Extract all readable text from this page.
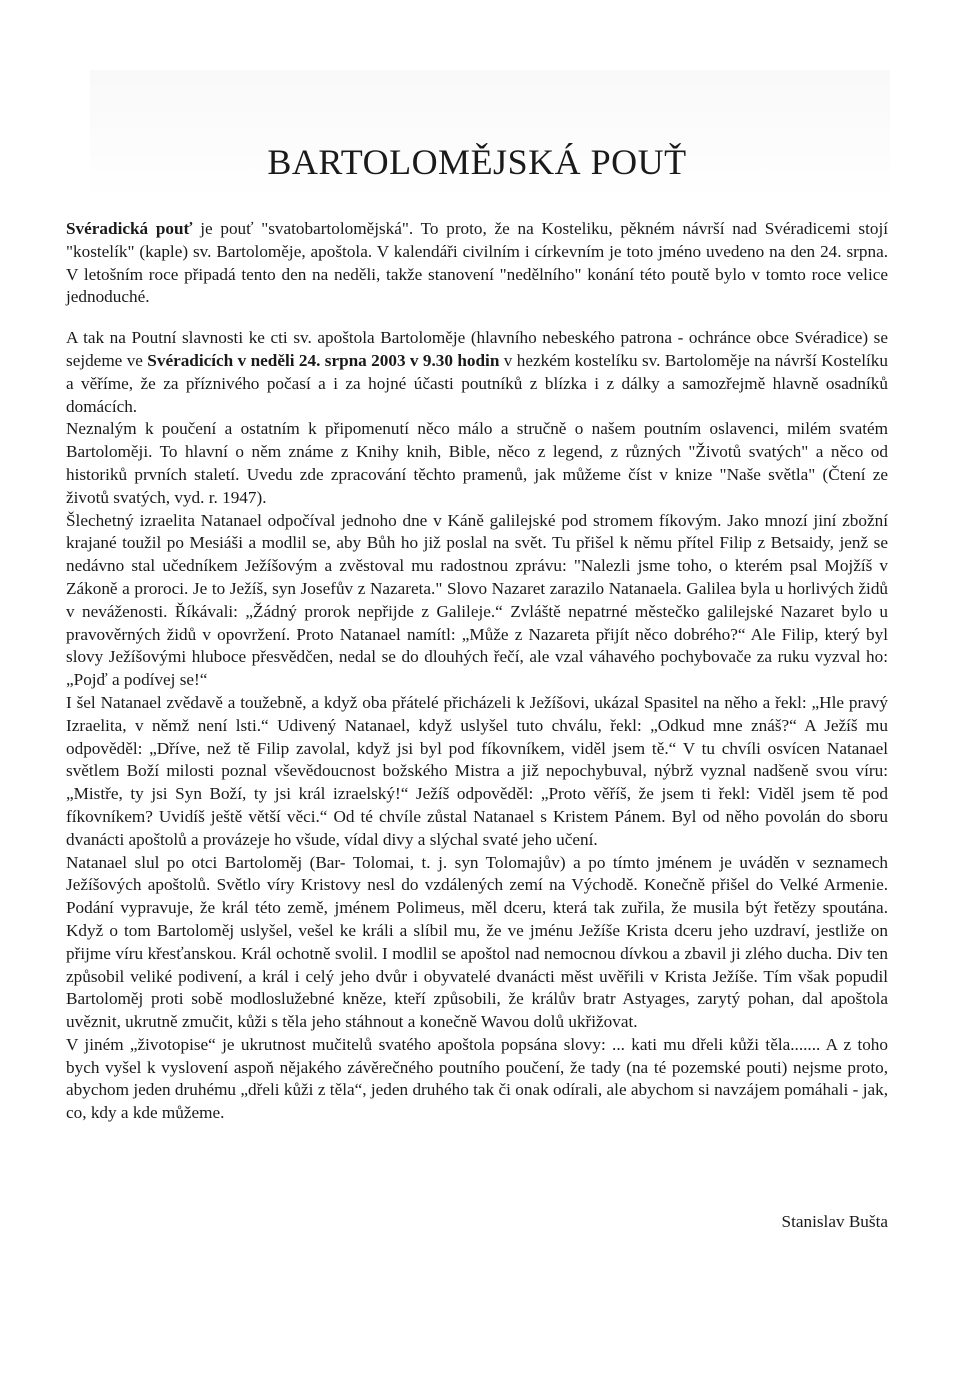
BARTOLOMĚJSKÁ POUŤ

Svéradická pouť je pouť "svatobartolomějská". To proto, že na Kosteliku, pěkném návrší nad Svéradicemi stojí "kostelík" (kaple) sv. Bartoloměje, apoštola. V kalendáři civilním i církevním je toto jméno uvedeno na den 24. srpna. V letošním roce připadá tento den na neděli, takže stanovení "nedělního" konání této poutě bylo v tomto roce velice jednoduché.

A tak na Poutní slavnosti ke cti sv. apoštola Bartoloměje (hlavního nebeského patrona - ochránce obce Svéradice) se sejdeme ve Svéradicích v neděli 24. srpna 2003 v 9.30 hodin v hezkém kostelíku sv. Bartoloměje na návrší Kostelíku a věříme, že za příznivého počasí a i za hojné účasti poutníků z blízka i z dálky a samozřejmě hlavně osadníků domácích.

Neznalým k poučení a ostatním k připomenutí něco málo a stručně o našem poutním oslavenci, milém svatém Bartoloměji. To hlavní o něm známe z Knihy knih, Bible, něco z legend, z různých "Životů svatých" a něco od historiků prvních staletí. Uvedu zde zpracování těchto pramenů, jak můžeme číst v knize "Naše světla" (Čtení ze životů svatých, vyd. r. 1947).

Šlechetný izraelita Natanael odpočíval jednoho dne v Káně galilejské pod stromem fíkovým. Jako mnozí jiní zbožní krajané toužil po Mesiáši a modlil se, aby Bůh ho již poslal na svět. Tu přišel k němu přítel Filip z Betsaidy, jenž se nedávno stal učedníkem Ježíšovým a zvěstoval mu radostnou zprávu: "Nalezli jsme toho, o kterém psal Mojžíš v Zákoně a proroci. Je to Ježíš, syn Josefův z Nazareta." Slovo Nazaret zarazilo Natanaela. Galilea byla u horlivých židů v neváženosti. Říkávali: „Žádný prorok nepřijde z Galileje.“ Zvláště nepatrné městečko galilejské Nazaret bylo u pravověrných židů v opovržení. Proto Natanael namítl: „Může z Nazareta přijít něco dobrého?“ Ale Filip, který byl slovy Ježíšovými hluboce přesvědčen, nedal se do dlouhých řečí, ale vzal váhavého pochybovače za ruku vyzval ho: „Pojď a podívej se!“

I šel Natanael zvědavě a toužebně, a když oba přátelé přicházeli k Ježíšovi, ukázal Spasitel na něho a řekl: „Hle pravý Izraelita, v němž není lsti.“ Udivený Natanael, když uslyšel tuto chválu, řekl: „Odkud mne znáš?“ A Ježíš mu odpověděl: „Dříve, než tě Filip zavolal, když jsi byl pod fíkovníkem, viděl jsem tě.“ V tu chvíli osvícen Natanael světlem Boží milosti poznal vševědoucnost božského Mistra a již nepochybuval, nýbrž vyznal nadšeně svou víru: „Mistře, ty jsi Syn Boží, ty jsi král izraelský!“ Ježíš odpověděl: „Proto věříš, že jsem ti řekl: Viděl jsem tě pod fíkovníkem? Uvidíš ještě větší věci.“ Od té chvíle zůstal Natanael s Kristem Pánem. Byl od něho povolán do sboru dvanácti apoštolů a provázeje ho všude, vídal divy a slýchal svaté jeho učení.

Natanael slul po otci Bartoloměj (Bar- Tolomai, t. j. syn Tolomajův) a po tímto jménem je uváděn v seznamech Ježíšových apoštolů. Světlo víry Kristovy nesl do vzdálených zemí na Východě. Konečně přišel do Velké Armenie. Podání vypravuje, že král této země, jménem Polimeus, měl dceru, která tak zuřila, že musila být řetězy spoutána. Když o tom Bartoloměj uslyšel, vešel ke králi a slíbil mu, že ve jménu Ježíše Krista dceru jeho uzdraví, jestliže on přijme víru křesťanskou. Král ochotně svolil. I modlil se apoštol nad nemocnou dívkou a zbavil ji zlého ducha. Div ten způsobil veliké podivení, a král i celý jeho dvůr i obyvatelé dvanácti měst uvěřili v Krista Ježíše. Tím však popudil Bartoloměj proti sobě modloslužebné kněze, kteří způsobili, že králův bratr Astyages, zarytý pohan, dal apoštola uvěznit, ukrutně zmučit, kůži s těla jeho stáhnout a konečně Wavou dolů ukřižovat.

V jiném „životopise“ je ukrutnost mučitelů svatého apoštola popsána slovy: ... kati mu dřeli kůži těla....... A z toho bych vyšel k vyslovení aspoň nějakého závěrečného poutního poučení, že tady (na té pozemské pouti) nejsme proto, abychom jeden druhému „dřeli kůži z těla“, jeden druhého tak či onak odírali, ale abychom si navzájem pomáhali - jak, co, kdy a kde můžeme.

Stanislav Bušta
